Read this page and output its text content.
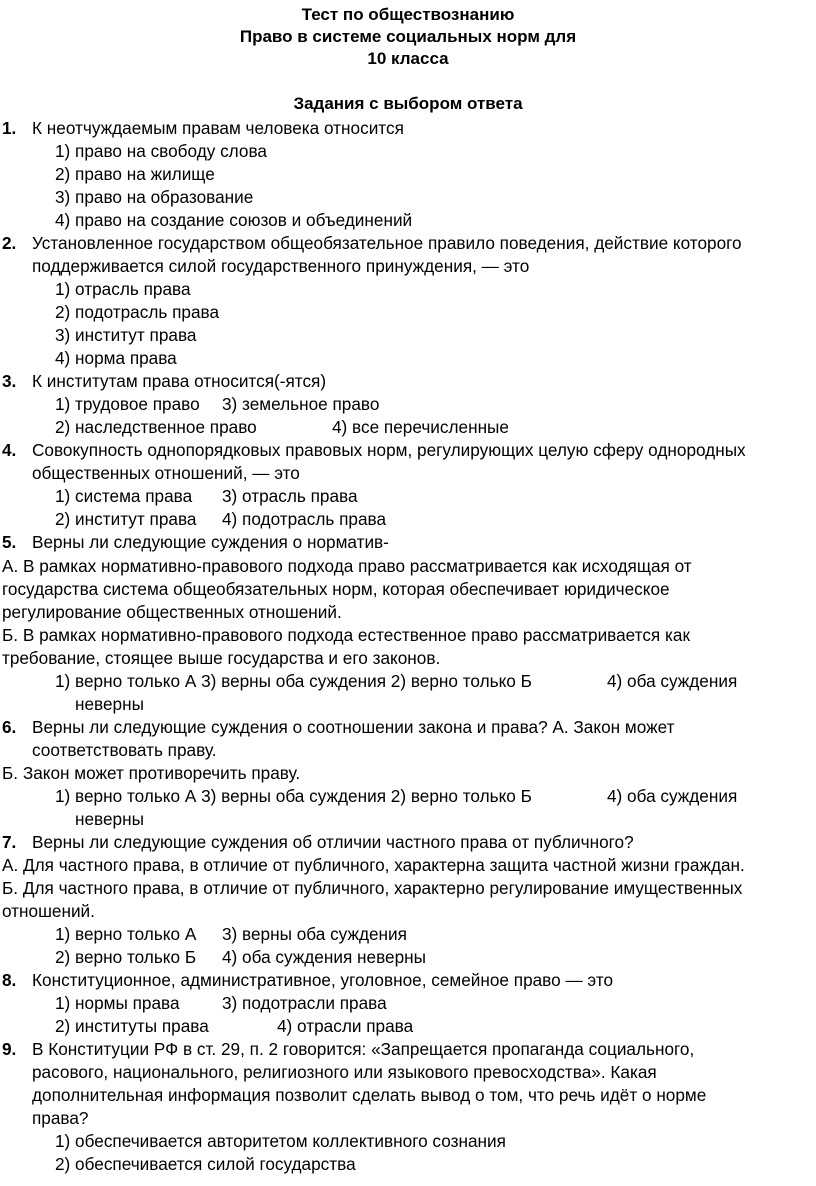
Тест по обществознанию
Право в системе социальных норм для
10 класса
Задания с выбором ответа
1. К неотчуждаемым правам человека относится
1) право на свободу слова
2) право на жилище
3) право на образование
4) право на создание союзов и объединений
2. Установленное государством общеобязательное правило поведения, действие которого
поддерживается силой государственного принуждения, — это
1) отрасль права
2) подотрасль права
3) институт права
4) норма права
3. К институтам права относится(-ятся)
1) трудовое право 3) земельное право
2) наследственное право	4) все перечисленные
4. Совокупность однопорядковых правовых норм, регулирующих целую сферу однородных
общественных отношений, — это
1) система права 3) отрасль права
2) институт права 4) подотрасль права
5. Верны ли следующие суждения о норматив-
А. В рамках нормативно-правового подхода право рассматривается как исходящая от
государства система общеобязательных норм, которая обеспечивает юридическое
регулирование общественных отношений.
Б. В рамках нормативно-правового подхода естественное право рассматривается как
требование, стоящее выше государства и его законов.
1) верно только А 3) верны оба суждения 2) верно только Б	4) оба суждения
неверны
6. Верны ли следующие суждения о соотношении закона и права? А. Закон может
соответствовать праву.
Б. Закон может противоречить праву.
1) верно только А 3) верны оба суждения 2) верно только Б	4) оба суждения
неверны
7. Верны ли следующие суждения об отличии частного права от публичного?
А. Для частного права, в отличие от публичного, характерна защита частной жизни граждан.
Б. Для частного права, в отличие от публичного, характерно регулирование имущественных
отношений.
1) верно только А 3) верны оба суждения
2) верно только Б 4) оба суждения неверны
8. Конституционное, административное, уголовное, семейное право — это
1) нормы права 3) подотрасли права
2) институты права	4) отрасли права
9. В Конституции РФ в ст. 29, п. 2 говорится: «Запрещается пропаганда социального,
расового, национального, религиозного или языкового превосходства». Какая
дополнительная информация позволит сделать вывод о том, что речь идёт о норме
права?
1) обеспечивается авторитетом коллективного сознания
2) обеспечивается силой государства
